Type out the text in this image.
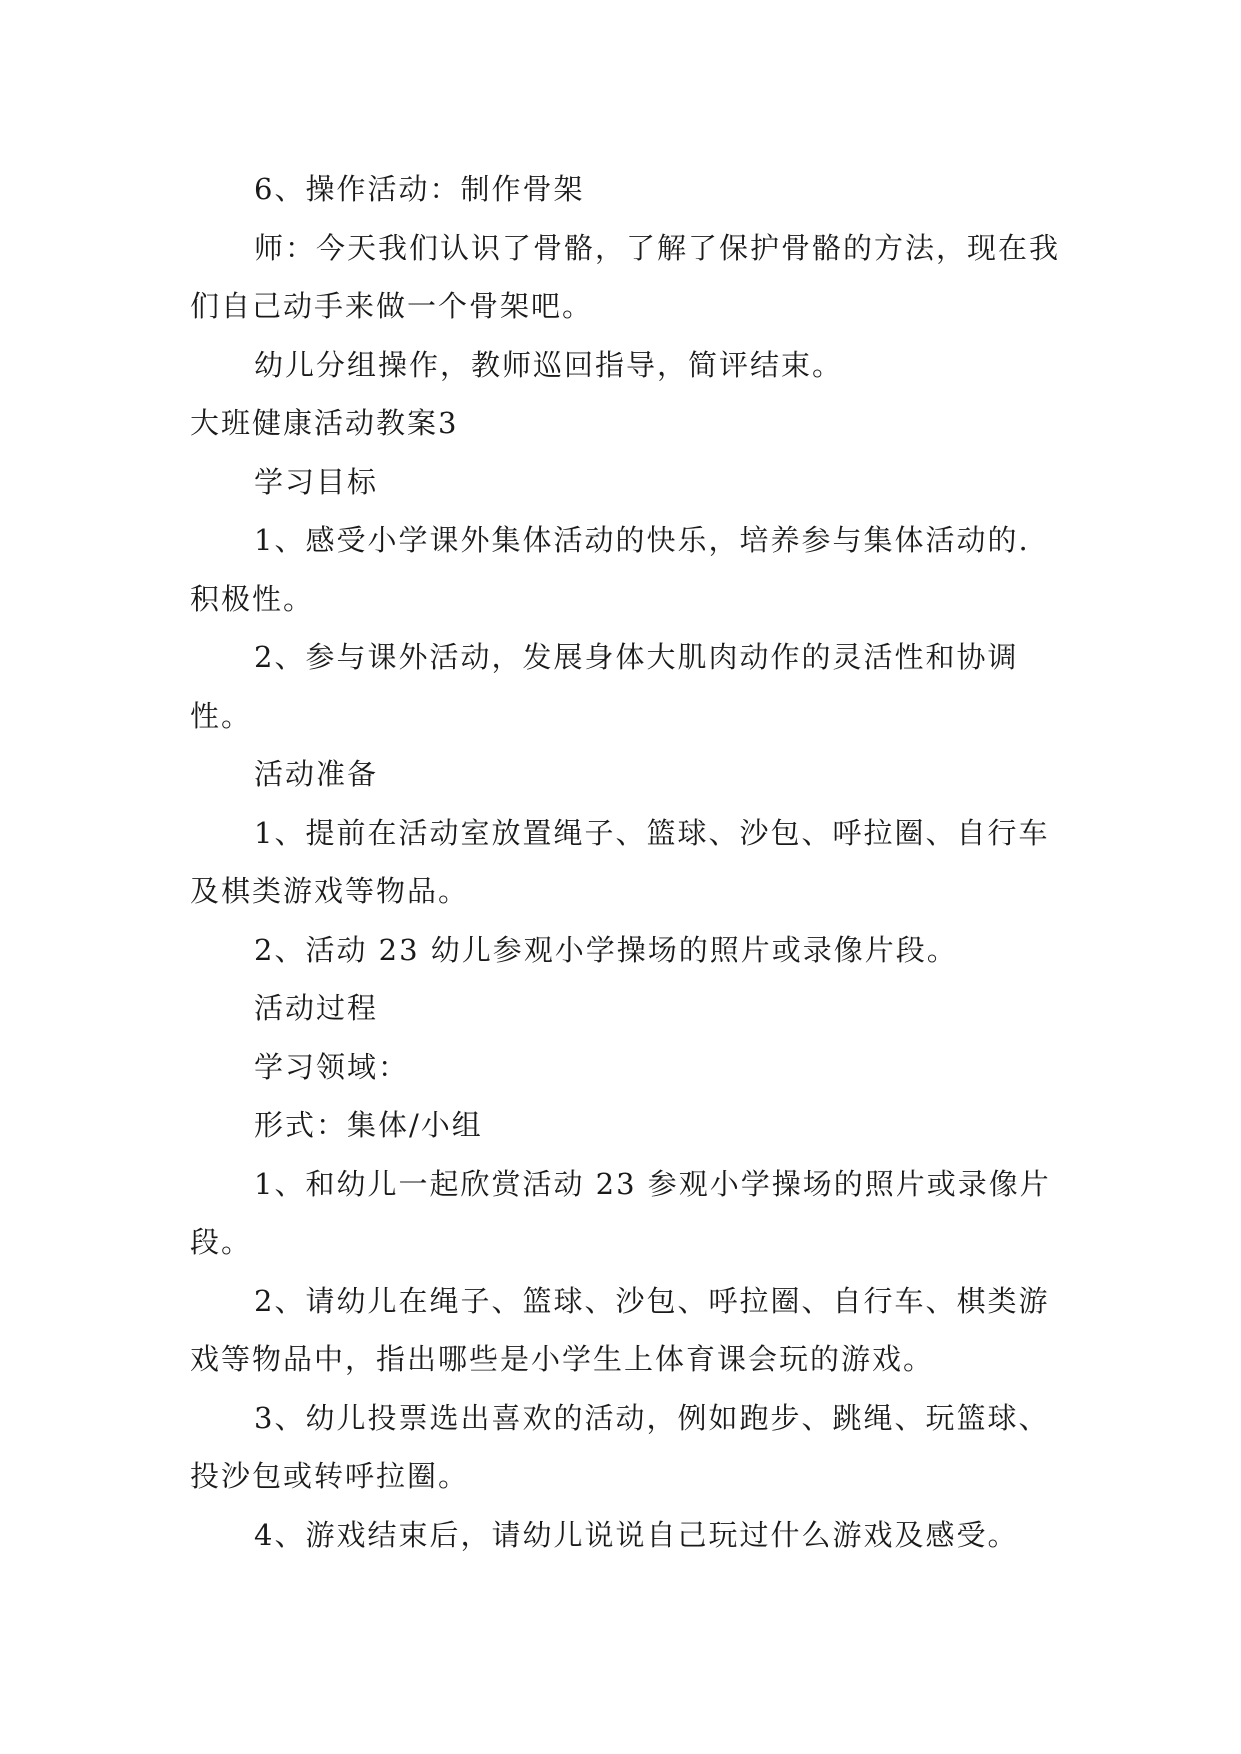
6、操作活动：制作骨架

师：今天我们认识了骨骼，了解了保护骨骼的方法，现在我们自己动手来做一个骨架吧。

幼儿分组操作，教师巡回指导，简评结束。

大班健康活动教案3

学习目标

1、感受小学课外集体活动的快乐，培养参与集体活动的.积极性。

2、参与课外活动，发展身体大肌肉动作的灵活性和协调性。

活动准备

1、提前在活动室放置绳子、篮球、沙包、呼拉圈、自行车及棋类游戏等物品。

2、活动 23 幼儿参观小学操场的照片或录像片段。

活动过程

学习领域：

形式：集体/小组

1、和幼儿一起欣赏活动 23 参观小学操场的照片或录像片段。

2、请幼儿在绳子、篮球、沙包、呼拉圈、自行车、棋类游戏等物品中，指出哪些是小学生上体育课会玩的游戏。

3、幼儿投票选出喜欢的活动，例如跑步、跳绳、玩篮球、投沙包或转呼拉圈。

4、游戏结束后，请幼儿说说自己玩过什么游戏及感受。
